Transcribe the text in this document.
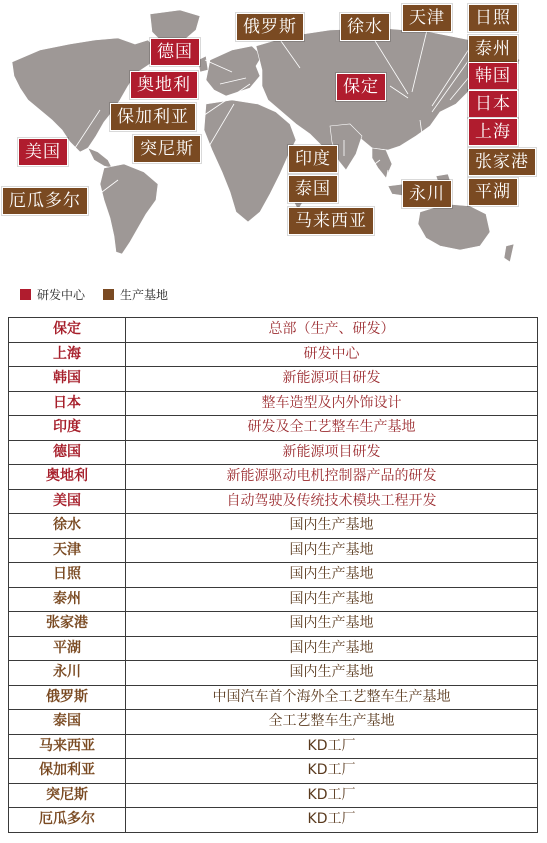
德国
奥地利
保加利亚
美国	突尼斯
厄瓜多尔
俄罗斯	徐水	天津	日照
泰州
保定
韩国
日本
上海
印度
泰国
马来西亚
永川
张家港
平湖
研发中心	生产基地
保定	总部（生产、研发）
上海	研发中心
韩国	新能源项目研发
日本	整车造型及内外饰设计
印度	研发及全工艺整车生产基地
德国	新能源项目研发
奥地利	新能源驱动电机控制器产品的研发
美国	自动驾驶及传统技术模块工程开发
徐水	国内生产基地
天津	国内生产基地
日照	国内生产基地
泰州	国内生产基地
张家港	国内生产基地
平湖	国内生产基地
永川	国内生产基地
俄罗斯	中国汽车首个海外全工艺整车生产基地
泰国	全工艺整车生产基地
马来西亚	KD工厂
保加利亚	KD工厂
突尼斯	KD工厂
厄瓜多尔	KD工厂
